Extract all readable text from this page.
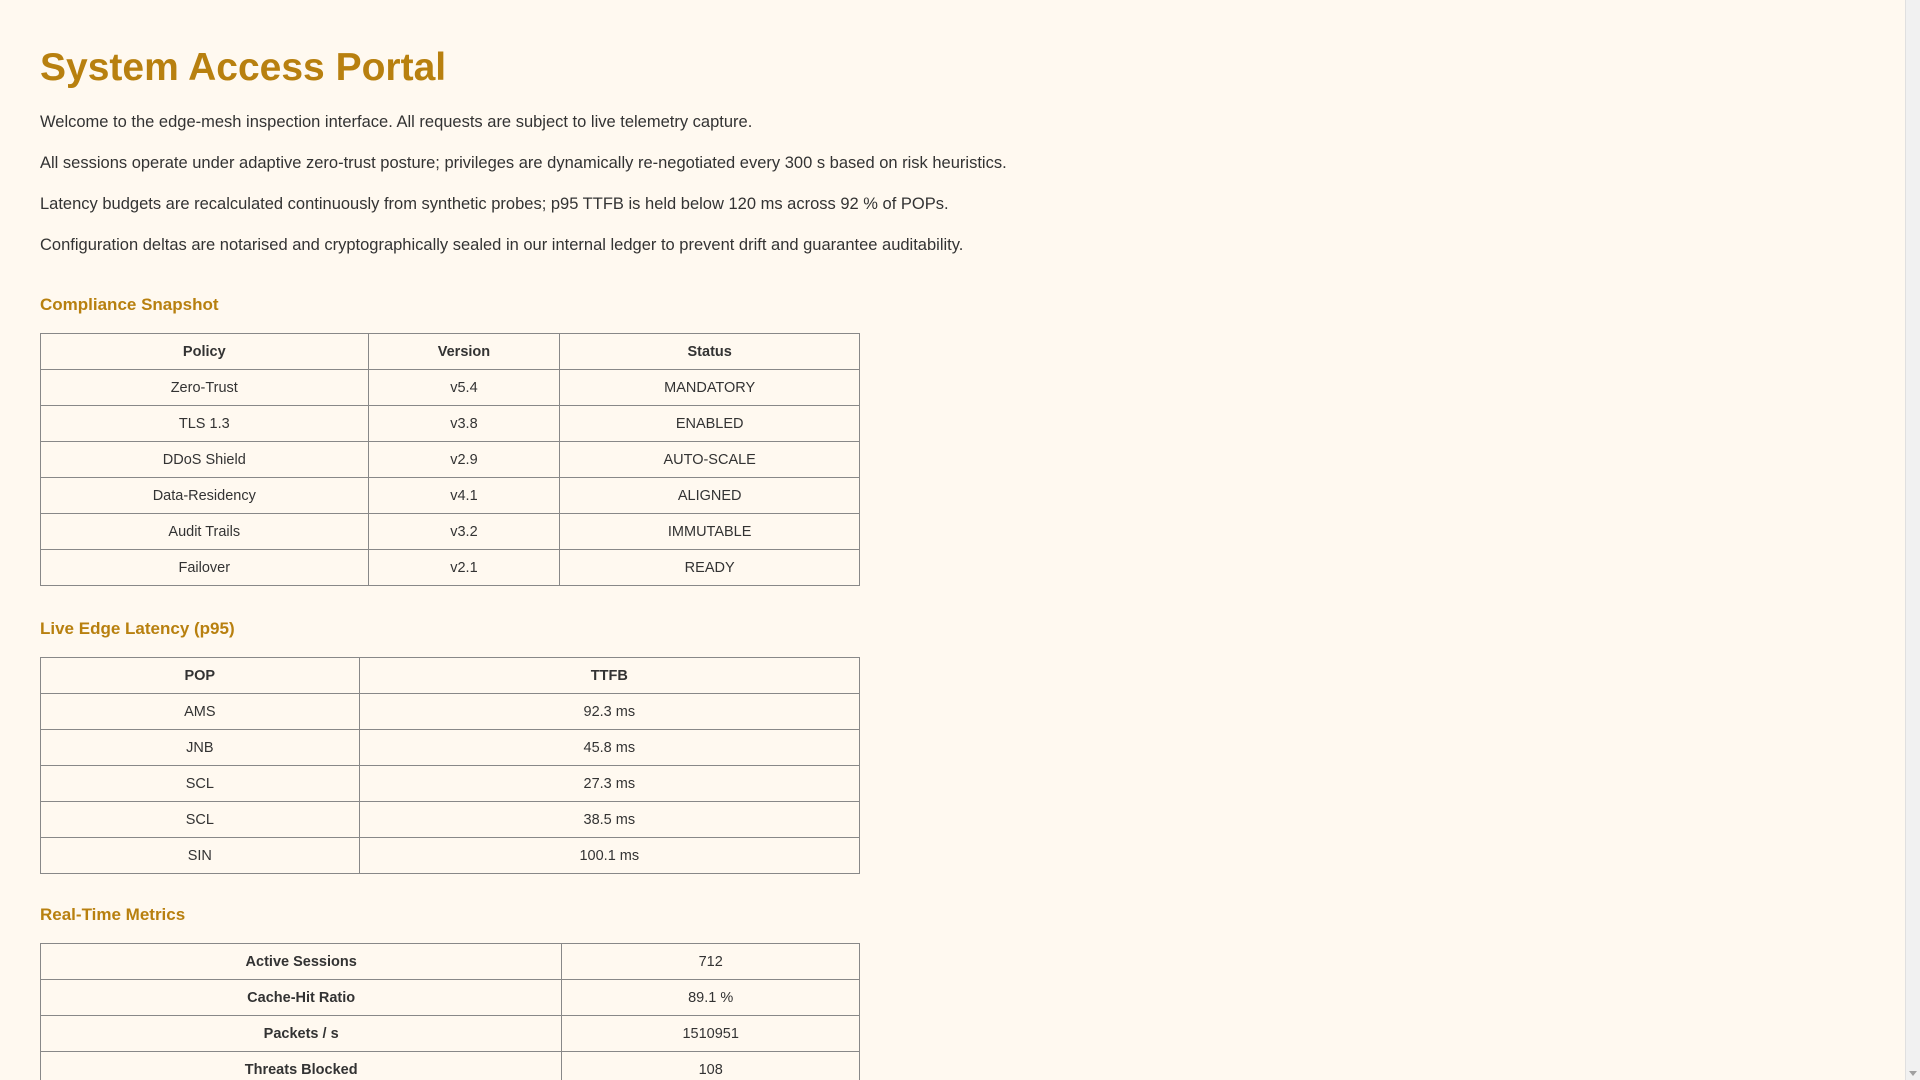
System Access Portal

Welcome to the edge-mesh inspection interface. All requests are subject to live telemetry capture.

All sessions operate under adaptive zero-trust posture; privileges are dynamically re-negotiated every 300 s based on risk heuristics.

Latency budgets are recalculated continuously from synthetic probes; p95 TTFB is held below 120 ms across 92 % of POPs.

Configuration deltas are notarised and cryptographically sealed in our internal ledger to prevent drift and guarantee auditability.

Compliance Snapshot
Policy	Version	Status
Zero-Trust	v5.4	MANDATORY
TLS 1.3	v3.8	ENABLED
DDoS Shield	v2.9	AUTO-SCALE
Data-Residency	v4.1	ALIGNED
Audit Trails	v3.2	IMMUTABLE
Failover	v2.1	READY
Live Edge Latency (p95)
POP	TTFB
AMS	92.3 ms
JNB	45.8 ms
SCL	27.3 ms
SCL	38.5 ms
SIN	100.1 ms
Real-Time Metrics
Active Sessions	712
Cache-Hit Ratio	89.1 %
Packets / s	1510951
Threats Blocked	108
